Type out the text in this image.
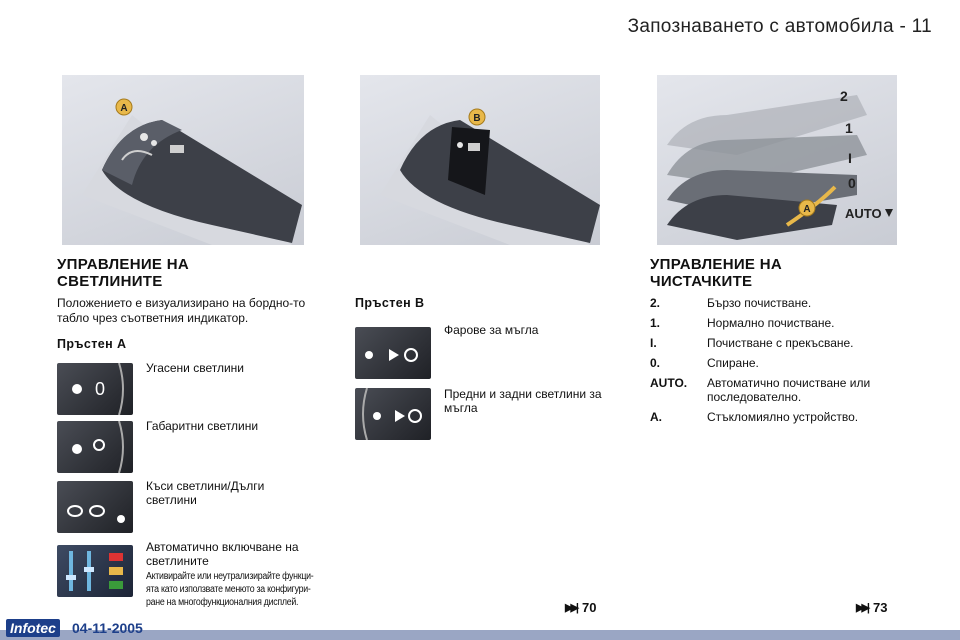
Запознаването с автомобила - 11
A
B
2
1
I
0
AUTO
A
УПРАВЛЕНИЕ НА
СВЕТЛИНИТЕ
Положението е визуализирано на бордно-то табло чрез съответния индикатор.
Пръстен A
0
Угасени светлини
Габаритни светлини
Къси светлини/Дълги светлини
Автоматично включване на светлините
Активирайте или неутрализирайте функци-ята като използвате менюто за конфигури-ране на многофункционалния дисплей.
Пръстен B
Фарове за мъгла
Предни и задни светлини за мъгла
УПРАВЛЕНИЕ НА
ЧИСТАЧКИТЕ
2.	Бързо почистване.
1.	Нормално почистване.
I.	Почистване с прекъсване.
0.	Спиране.
AUTO.	Автоматично почистване или последователно.
A.	Стъкломиялно устройство.
▶▶| 70	▶▶| 73
Infotec 04-11-2005
